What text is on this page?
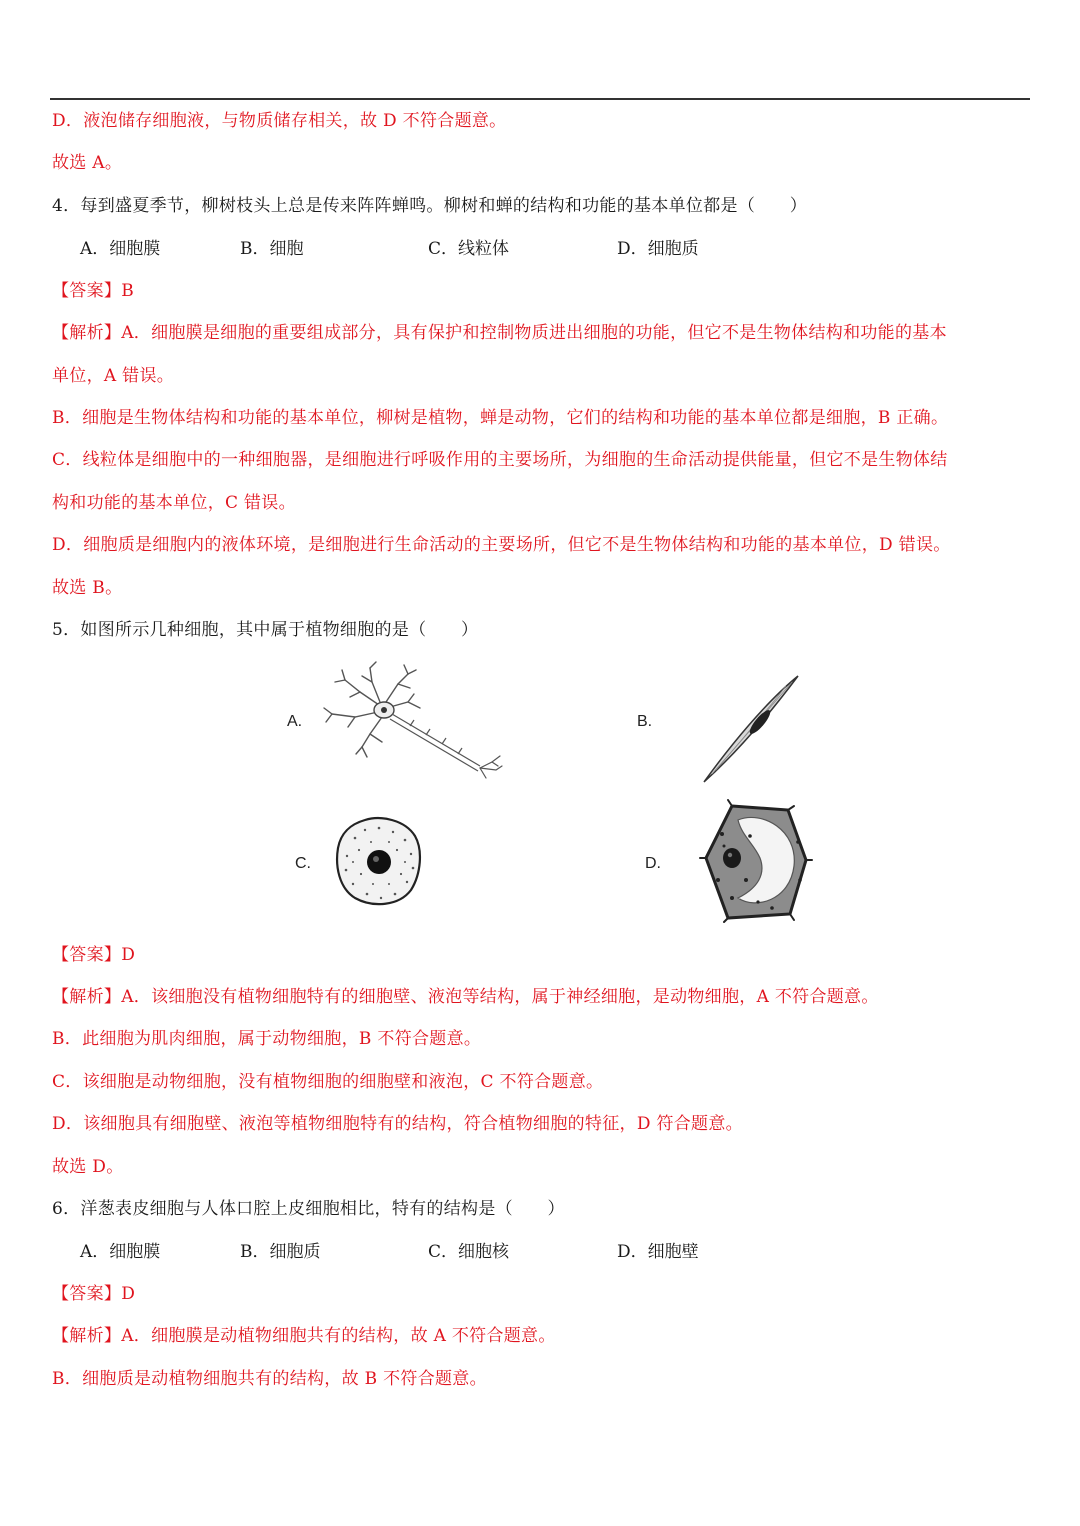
D．液泡储存细胞液，与物质储存相关，故 D 不符合题意。
故选 A。
4．每到盛夏季节，柳树枝头上总是传来阵阵蝉鸣。柳树和蝉的结构和功能的基本单位都是（　　）
A．细胞膜	B．细胞	C．线粒体	D．细胞质
【答案】B
【解析】A．细胞膜是细胞的重要组成部分，具有保护和控制物质进出细胞的功能，但它不是生物体结构和功能的基本
单位，A 错误。
B．细胞是生物体结构和功能的基本单位，柳树是植物，蝉是动物，它们的结构和功能的基本单位都是细胞，B 正确。
C．线粒体是细胞中的一种细胞器，是细胞进行呼吸作用的主要场所，为细胞的生命活动提供能量，但它不是生物体结
构和功能的基本单位，C 错误。
D．细胞质是细胞内的液体环境，是细胞进行生命活动的主要场所，但它不是生物体结构和功能的基本单位，D 错误。
故选 B。
5．如图所示几种细胞，其中属于植物细胞的是（　　）
A.	B.
C.	D.
【答案】D
【解析】A．该细胞没有植物细胞特有的细胞壁、液泡等结构，属于神经细胞，是动物细胞，A 不符合题意。
B．此细胞为肌肉细胞，属于动物细胞，B 不符合题意。
C．该细胞是动物细胞，没有植物细胞的细胞壁和液泡，C 不符合题意。
D．该细胞具有细胞壁、液泡等植物细胞特有的结构，符合植物细胞的特征，D 符合题意。
故选 D。
6．洋葱表皮细胞与人体口腔上皮细胞相比，特有的结构是（　　）
A．细胞膜	B．细胞质	C．细胞核	D．细胞壁
【答案】D
【解析】A．细胞膜是动植物细胞共有的结构，故 A 不符合题意。
B．细胞质是动植物细胞共有的结构，故 B 不符合题意。
